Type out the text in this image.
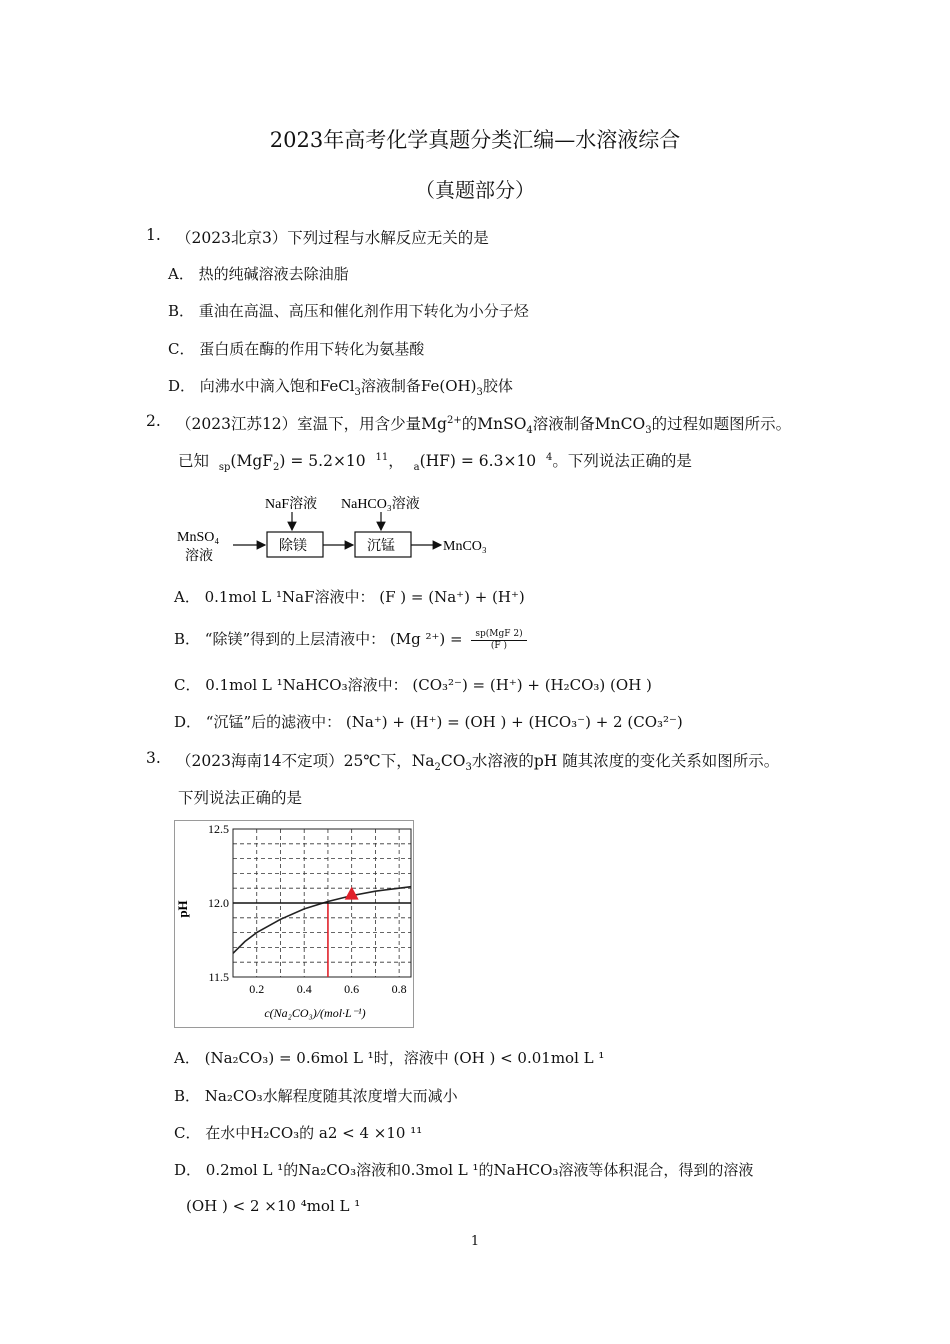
2023年高考化学真题分类汇编—水溶液综合
（真题部分）
1. （2023北京3）下列过程与水解反应无关的是
A． 热的纯碱溶液去除油脂
B． 重油在高温、高压和催化剂作用下转化为小分子烃
C． 蛋白质在酶的作用下转化为氨基酸
D． 向沸水中滴入饱和FeCl$_3$溶液制备$Fe(OH)_3$胶体
2. （2023江苏12）室温下，用含少量$Mg^{2+}$的MnSO$_4$溶液制备MnCO$_3$的过程如题图所示。
已知 $_{sp}$(MgF$_2$) = 5.2×10 $^{11}$， $_a$(HF) = 6.3×10 $^4$。下列说法正确的是
NaF溶液 NaHCO₃溶液
MnSO₄
溶液
除镁	沉锰	MnCO₃
A． 0.1mol L ¹NaF溶液中： (F ) = (Na⁺) + (H⁺)
B． “除镁”得到的上层清液中： (Mg ²⁺) =	sp(MgF 2)
(F )
C． 0.1mol L ¹NaHCO₃溶液中： (CO₃²⁻) = (H⁺) + (H₂CO₃) (OH )
D． “沉锰”后的滤液中： (Na⁺) + (H⁺) = (OH ) + (HCO₃⁻) + 2 (CO₃²⁻)
3. （2023海南14不定项）25℃下，$Na_2CO_3$水溶液的pH 随其浓度的变化关系如图所示。
下列说法正确的是
0.2	0.4	0.6	0.8
11.5
12.0
12.5
pH
c(Na₂CO₃)/(mol·L⁻¹)
A． (Na₂CO₃) = 0.6mol L ¹时，溶液中 (OH ) < 0.01mol L ¹
B． Na₂CO₃水解程度随其浓度增大而减小
C． 在水中H₂CO₃的 a2 < 4 ×10 ¹¹
D． 0.2mol L ¹的Na₂CO₃溶液和0.3mol L ¹的NaHCO₃溶液等体积混合，得到的溶液
(OH ) < 2 ×10 ⁴mol L ¹
1
